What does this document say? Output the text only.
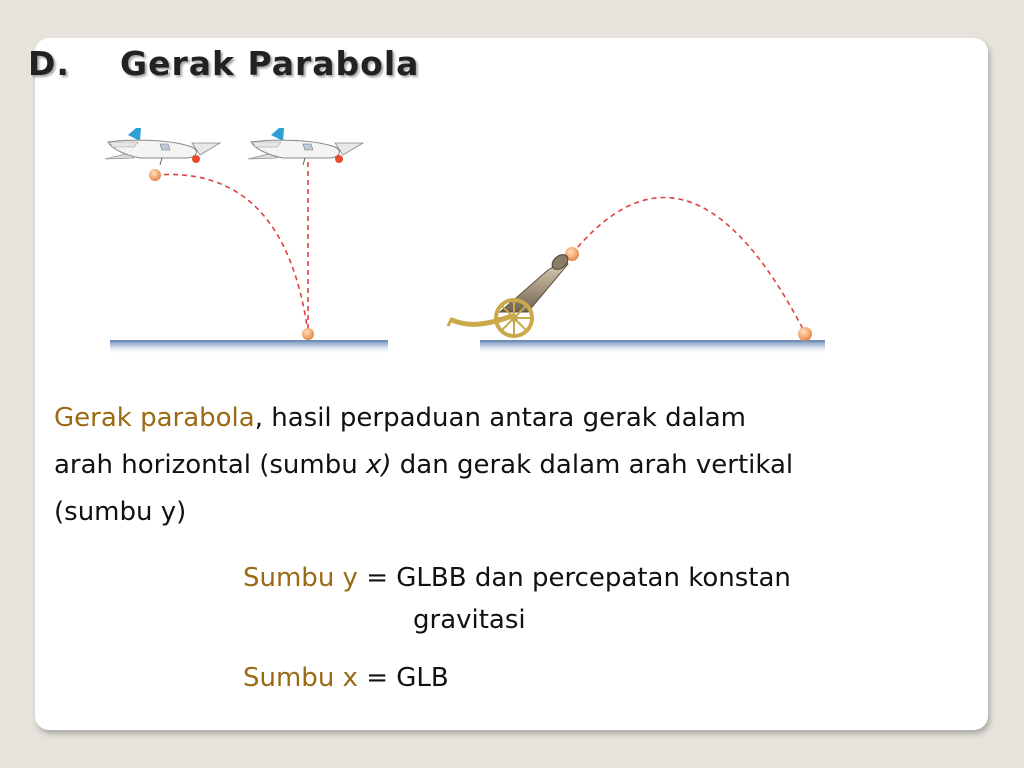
D. Gerak Parabola
Gerak parabola, hasil perpaduan antara gerak dalam
arah horizontal (sumbu x) dan gerak dalam arah vertikal
(sumbu y)
Sumbu y = GLBB dan percepatan konstan
gravitasi
Sumbu x = GLB
